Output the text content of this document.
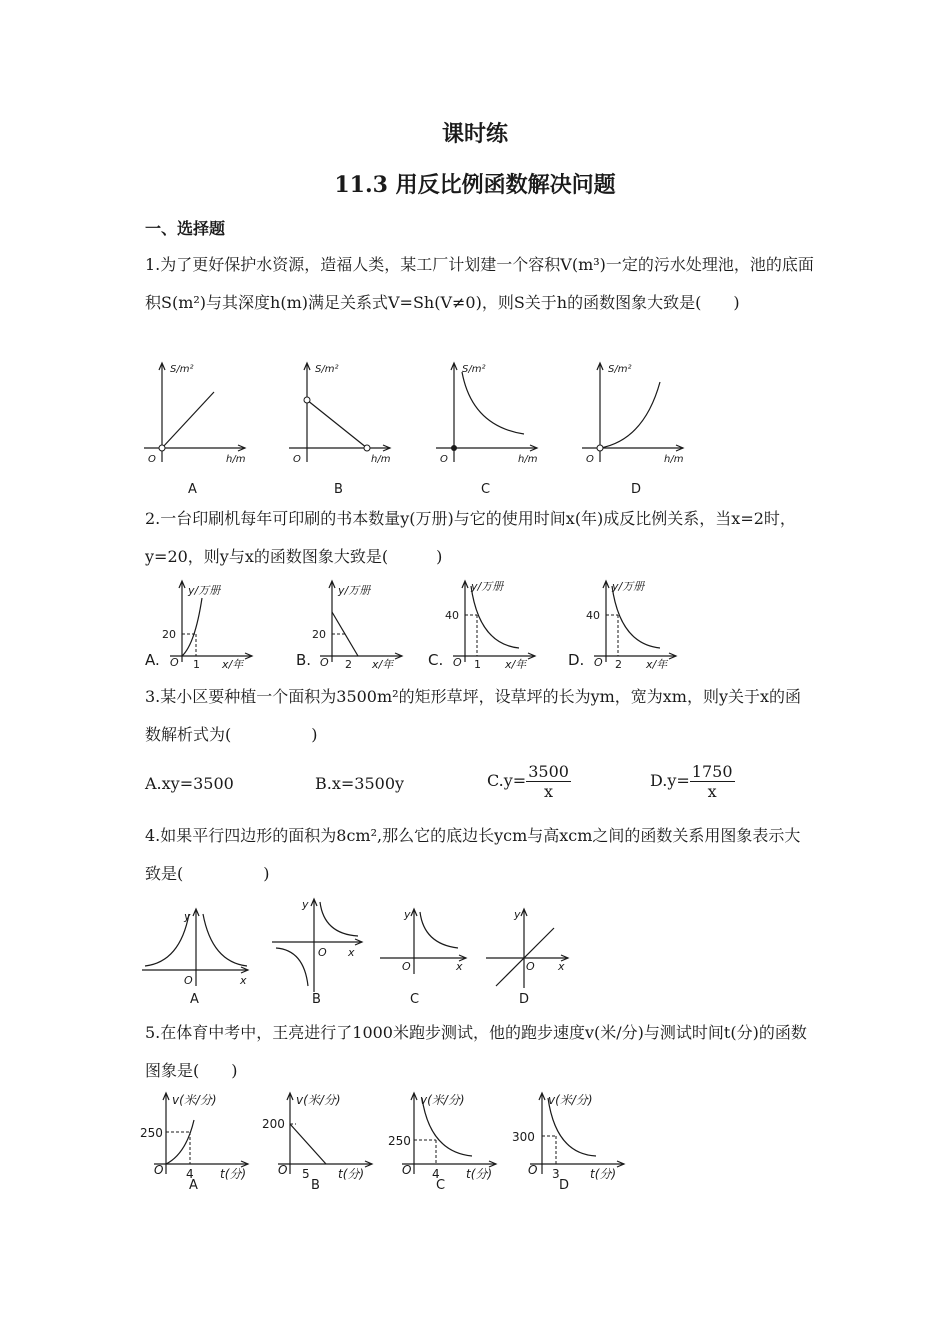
课时练
11.3 用反比例函数解决问题
一、选择题
1.为了更好保护水资源，造福人类，某工厂计划建一个容积V(m³)一定的污水处理池，池的底面积S(m²)与其深度h(m)满足关系式V=Sh(V≠0)，则S关于h的函数图象大致是(　　)
S/m²
h/m
O
S/m²
h/m
O
S/m²
h/m
O
S/m²
h/m
O
A	B	C	D
2.一台印刷机每年可印刷的书本数量y(万册)与它的使用时间x(年)成反比例关系，当x=2时，y=20，则y与x的函数图象大致是(　　　)
A.
y/万册
20
1 x/年
O	B.
y/万册
20
2 x/年
O	C.
y/万册
40
1 x/年
O	D.
y/万册
40
2 x/年
O
3.某小区要种植一个面积为3500m²的矩形草坪，设草坪的长为ym，宽为xm，则y关于x的函数解析式为(　　　　　)
A.xy=3500	B.x=3500y	$C.y= \frac{3500}{x}$	$D.y= \frac{1750}{x}$
4.如果平行四边形的面积为8cm²,那么它的底边长ycm与高xcm之间的函数关系用图象表示大致是(　　　　　)
y
x
O
y
x
O
y
x
O
y
x
O
A	B	C	D
5.在体育中考中，王亮进行了1000米跑步测试，他的跑步速度v(米/分)与测试时间t(分)的函数图象是(　　)
v(米/分)
250
4 t(分)
O
v(米/分)
200
5 t(分)
O
v(米/分)
250
4 t(分)
O
v(米/分)
300
3	t(分)
O
A	B	C	D
